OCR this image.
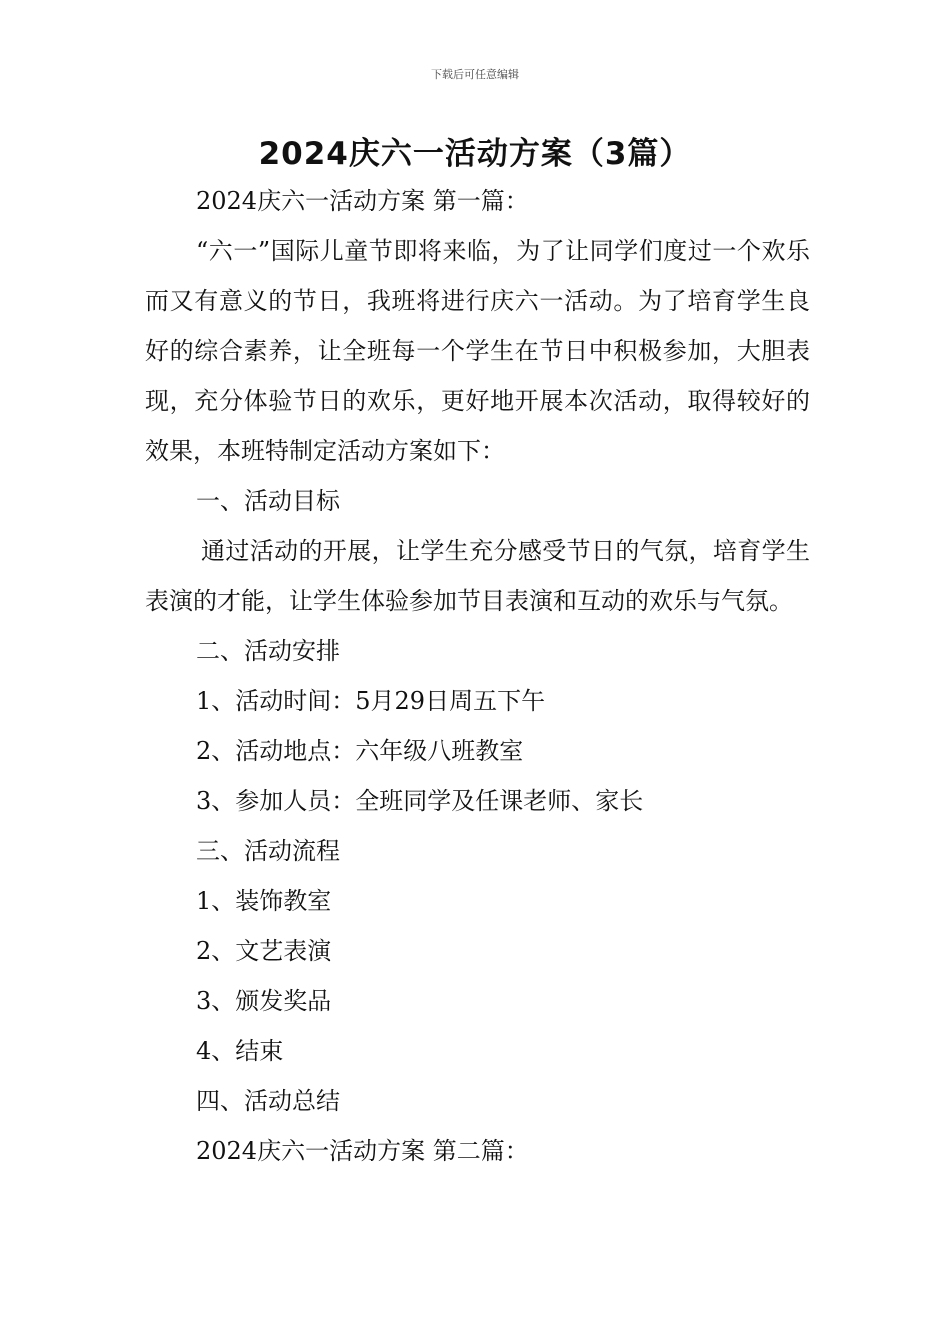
下载后可任意编辑
2024庆六一活动方案（3篇）

2024庆六一活动方案 第一篇：

“六一”国际儿童节即将来临，为了让同学们度过一个欢乐而又有意义的节日，我班将进行庆六一活动。为了培育学生良好的综合素养，让全班每一个学生在节日中积极参加，大胆表现，充分体验节日的欢乐，更好地开展本次活动，取得较好的效果，本班特制定活动方案如下：

一、活动目标

通过活动的开展，让学生充分感受节日的气氛，培育学生表演的才能，让学生体验参加节目表演和互动的欢乐与气氛。

二、活动安排

1、活动时间：5月29日周五下午

2、活动地点：六年级八班教室

3、参加人员：全班同学及任课老师、家长

三、活动流程

1、装饰教室

2、文艺表演

3、颁发奖品

4、结束

四、活动总结

2024庆六一活动方案 第二篇：
